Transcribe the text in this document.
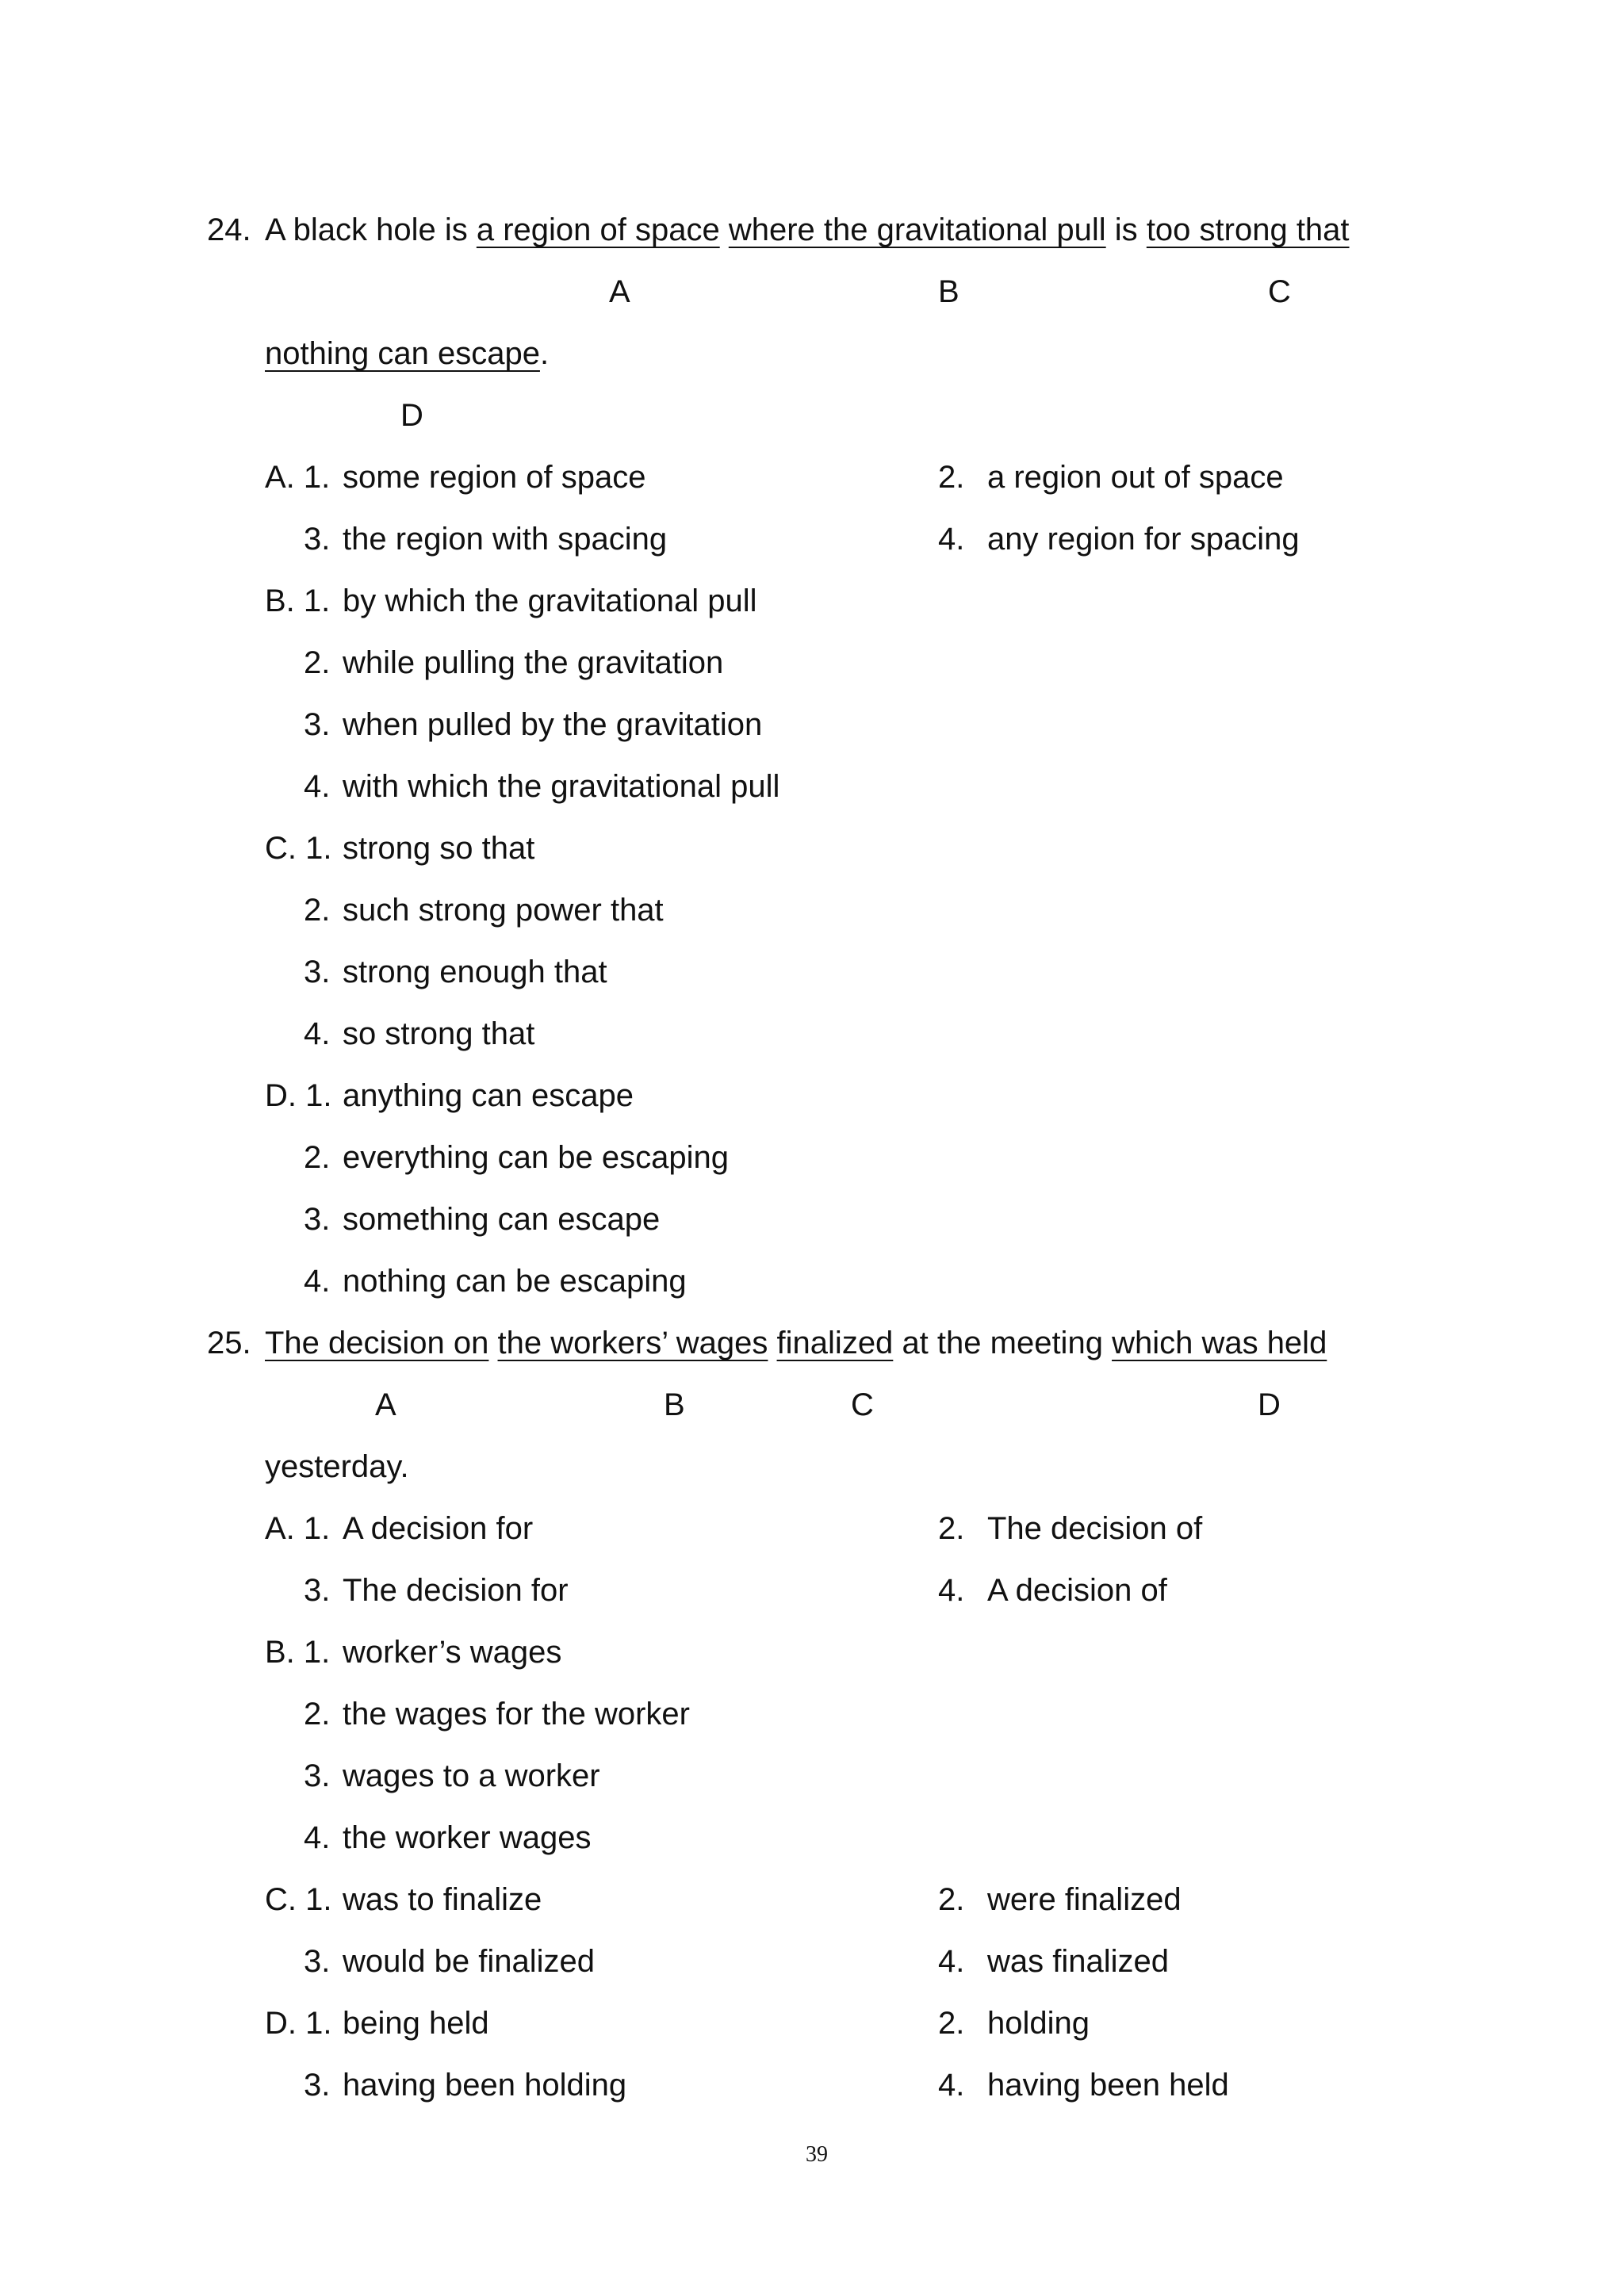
24. A black hole is a region of space where the gravitational pull is too strong that
A	B	C
nothing can escape.
D
A. 1. some region of space	2. a region out of space
3. the region with spacing	4. any region for spacing
B. 1. by which the gravitational pull
2. while pulling the gravitation
3. when pulled by the gravitation
4. with which the gravitational pull
C. 1. strong so that
2. such strong power that
3. strong enough that
4. so strong that
D. 1. anything can escape
2. everything can be escaping
3. something can escape
4. nothing can be escaping
25. The decision on the workers’ wages finalized at the meeting which was held
A	B	C	D
yesterday.
A. 1. A decision for	2. The decision of
3. The decision for	4. A decision of
B. 1. worker’s wages
2. the wages for the worker
3. wages to a worker
4. the worker wages
C. 1. was to finalize	2. were finalized
3. would be finalized	4. was finalized
D. 1. being held	2. holding
3. having been holding	4. having been held
39
